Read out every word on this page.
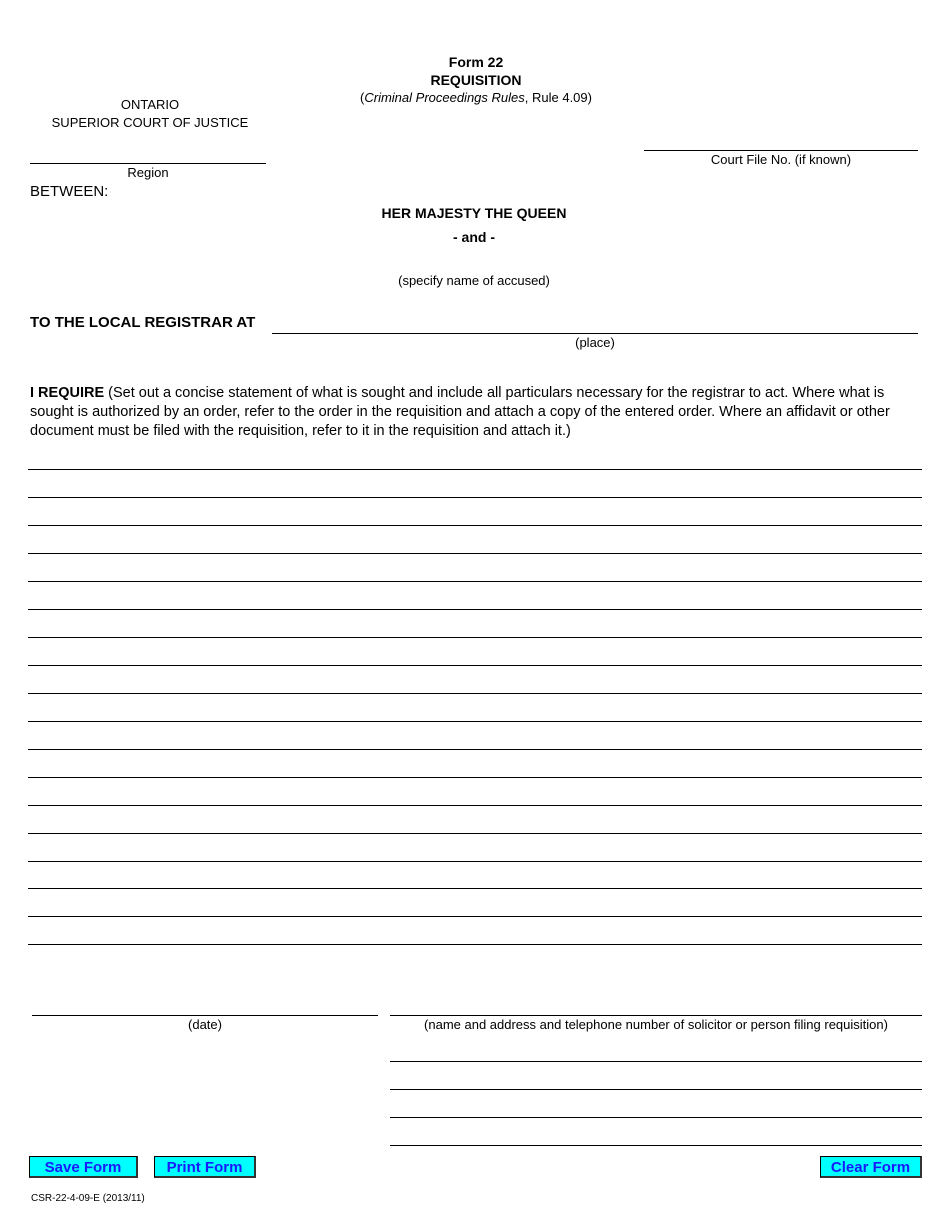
Form 22
REQUISITION
(Criminal Proceedings Rules, Rule 4.09)
ONTARIO
SUPERIOR COURT OF JUSTICE
Region
Court File No. (if known)
BETWEEN:
HER MAJESTY THE QUEEN
- and -
(specify name of accused)
TO THE LOCAL REGISTRAR AT
(place)
I REQUIRE (Set out a concise statement of what is sought and include all particulars necessary for the registrar to act. Where what is sought is authorized by an order, refer to the order in the requisition and attach a copy of the entered order. Where an affidavit or other document must be filed with the requisition, refer to it in the requisition and attach it.)
(date)	(name and address and telephone number of solicitor or person filing requisition)
Save Form	Print Form	Clear Form
CSR-22-4-09-E (2013/11)
